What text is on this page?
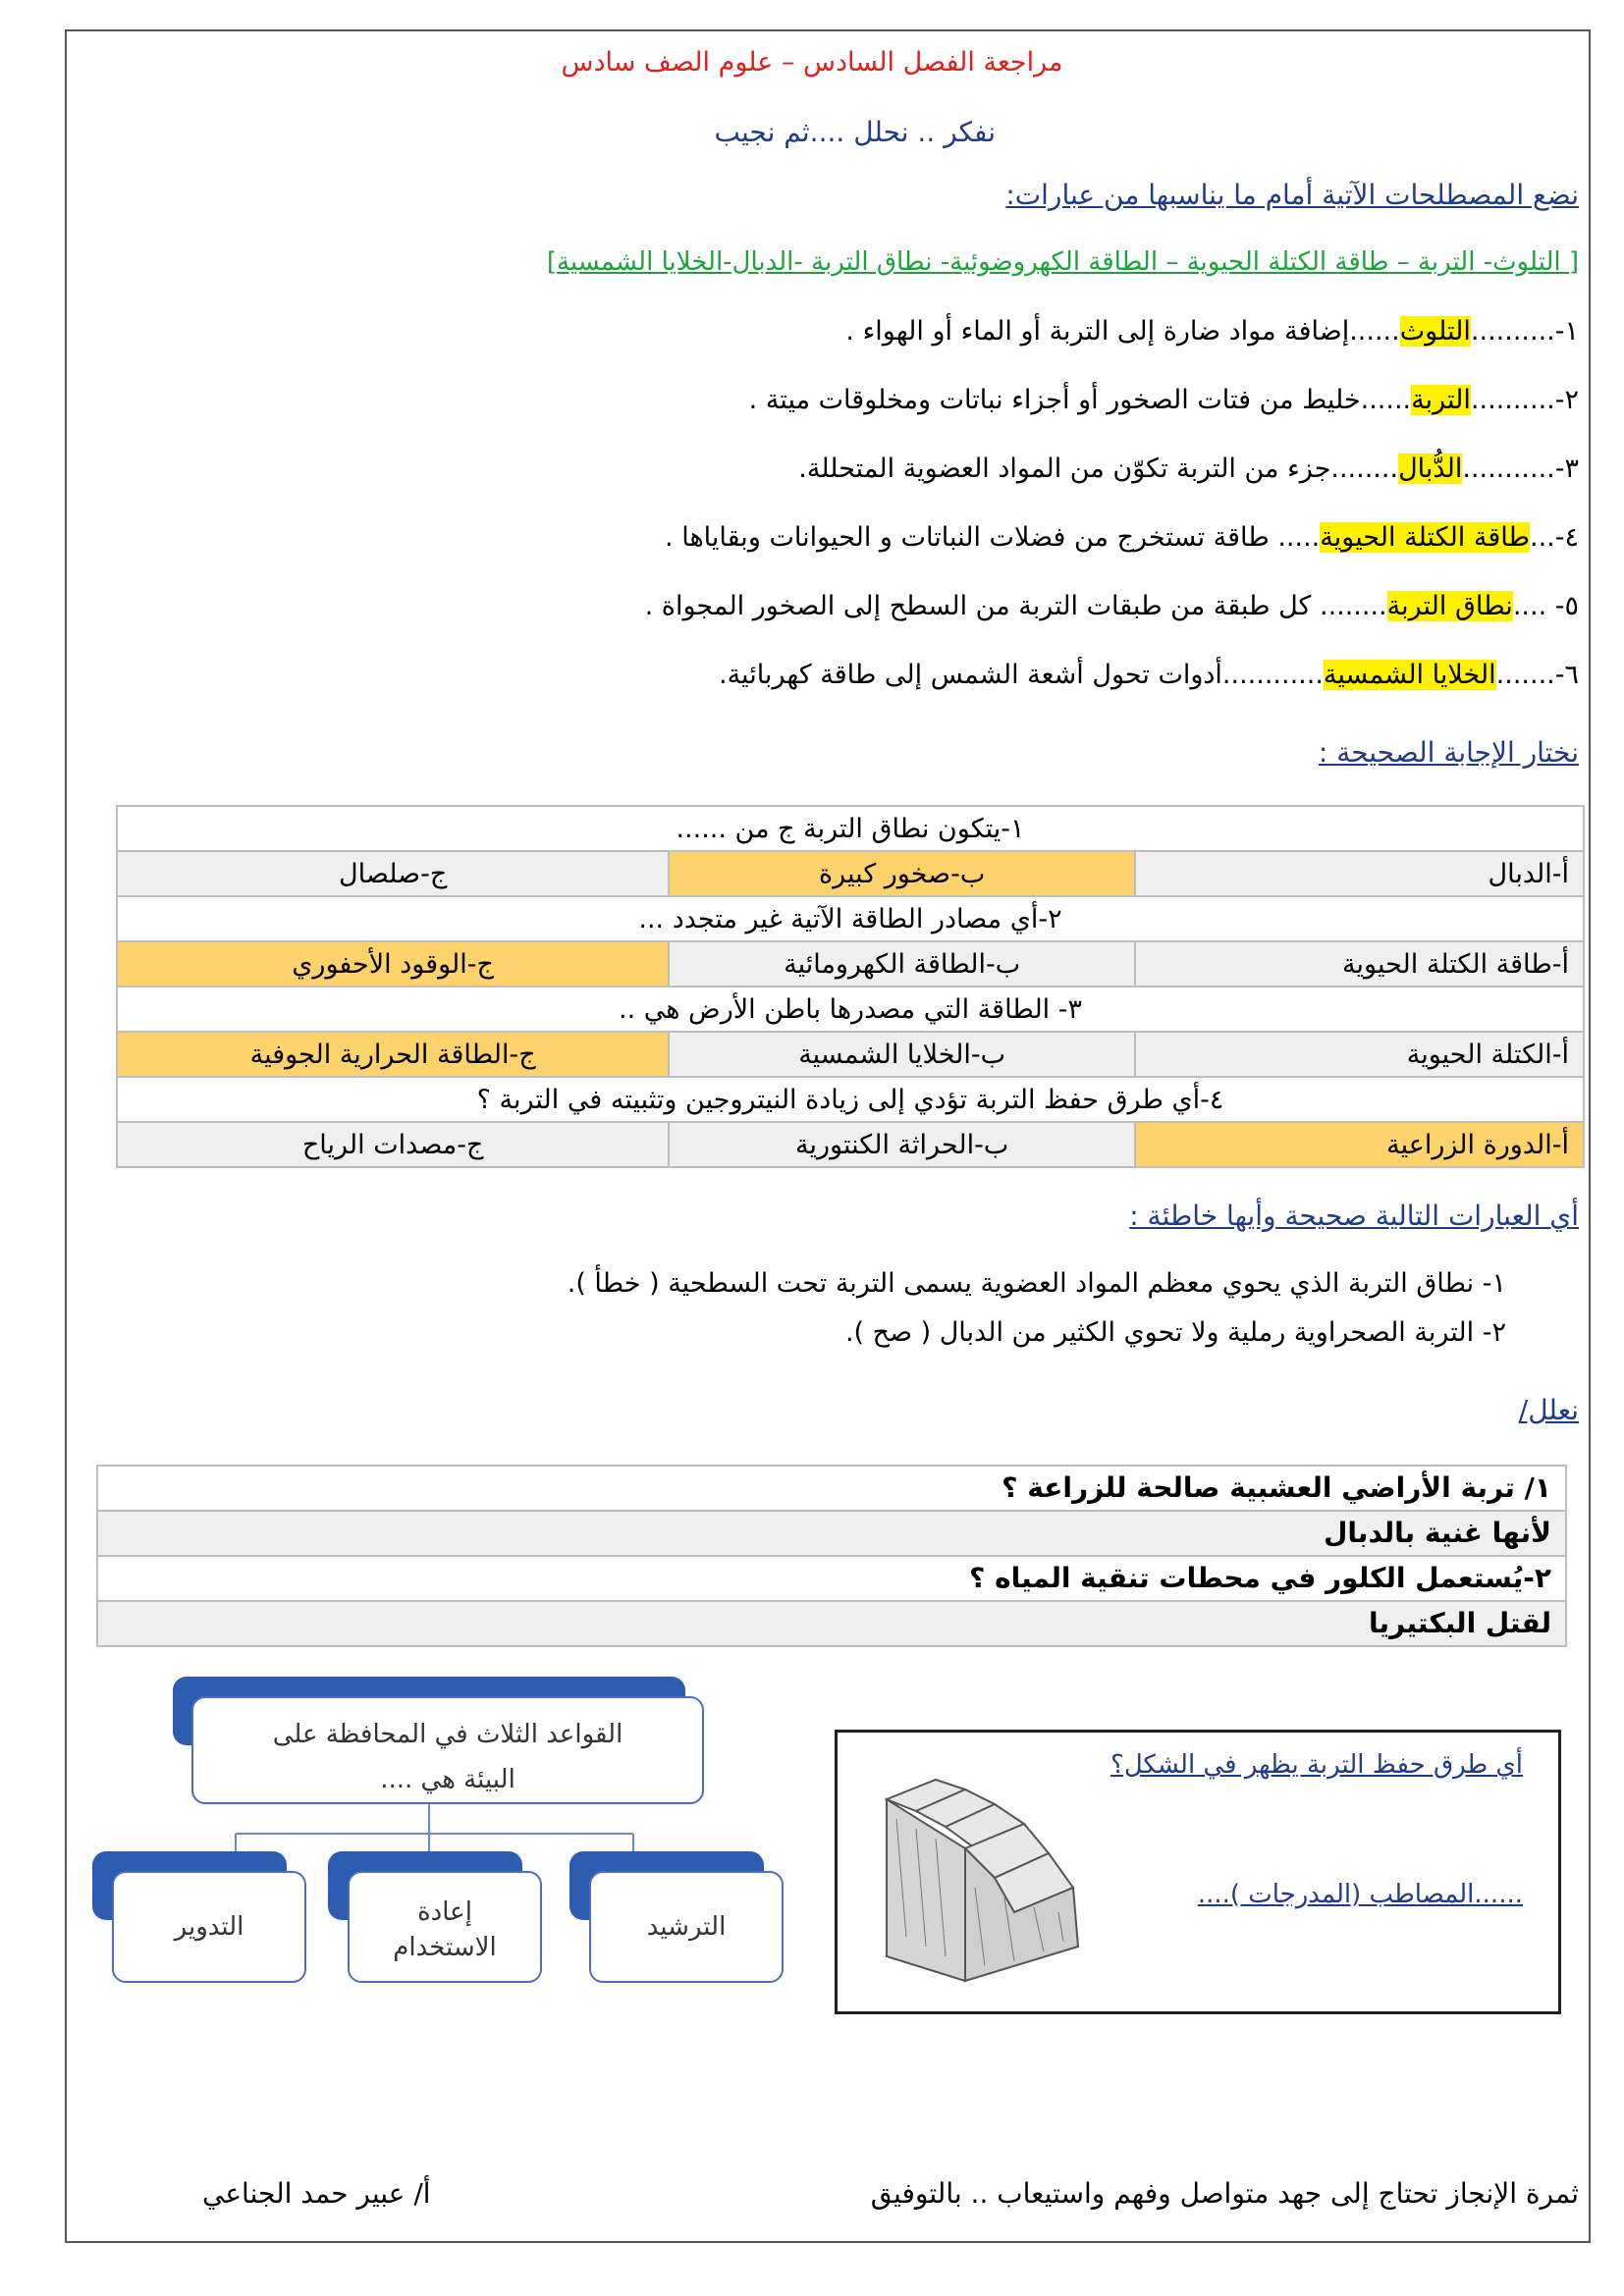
مراجعة الفصل السادس – علوم الصف سادس
نفكر .. نحلل ....ثم نجيب
نضع المصطلحات الآتية أمام ما يناسبها من عبارات:
[ التلوث- التربة – طاقة الكتلة الحيوية – الطاقة الكهروضوئية- نطاق التربة -الدبال-الخلايا الشمسية]
١-..........التلوث......إضافة مواد ضارة إلى التربة أو الماء أو الهواء .
٢-..........التربة......خليط من فتات الصخور أو أجزاء نباتات ومخلوقات ميتة .
٣-...........الدُّبال........جزء من التربة تكوّن من المواد العضوية المتحللة.
٤-...طاقة الكتلة الحيوية..... طاقة تستخرج من فضلات النباتات و الحيوانات وبقاياها .
٥- ....نطاق التربة........ كل طبقة من طبقات التربة من السطح إلى الصخور المجواة .
٦-.......الخلايا الشمسية............أدوات تحول أشعة الشمس إلى طاقة كهربائية.
نختار الإجابة الصحيحة :
١-يتكون نطاق التربة ج من ......		
أ-الدبال	ب-صخور كبيرة	ج-صلصال
٢-أي مصادر الطاقة الآتية غير متجدد ...		
أ-طاقة الكتلة الحيوية	ب-الطاقة الكهرومائية	ج-الوقود الأحفوري
٣- الطاقة التي مصدرها باطن الأرض هي ..		
أ-الكتلة الحيوية	ب-الخلايا الشمسية	ج-الطاقة الحرارية الجوفية
٤-أي طرق حفظ التربة تؤدي إلى زيادة النيتروجين وتثبيته في التربة ؟		
أ-الدورة الزراعية	ب-الحراثة الكنتورية	ج-مصدات الرياح
أي العبارات التالية صحيحة وأيها خاطئة :
١- نطاق التربة الذي يحوي معظم المواد العضوية يسمى التربة تحت السطحية ( خطأ ).
٢- التربة الصحراوية رملية ولا تحوي الكثير من الدبال ( صح ).
نعلل/
١/ تربة الأراضي العشبية صالحة للزراعة ؟
لأنها غنية بالدبال
٢-يُستعمل الكلور في محطات تنقية المياه ؟
لقتل البكتيريا
أي طرق حفظ التربة يظهر في الشكل؟
......المصاطب (المدرجات )....
القواعد الثلاث في المحافظة على البيئة هي ....
التدوير	إعادة الاستخدام
الترشيد
ثمرة الإنجاز تحتاج إلى جهد متواصل وفهم واستيعاب .. بالتوفيق
أ/ عبير حمد الجناعي
